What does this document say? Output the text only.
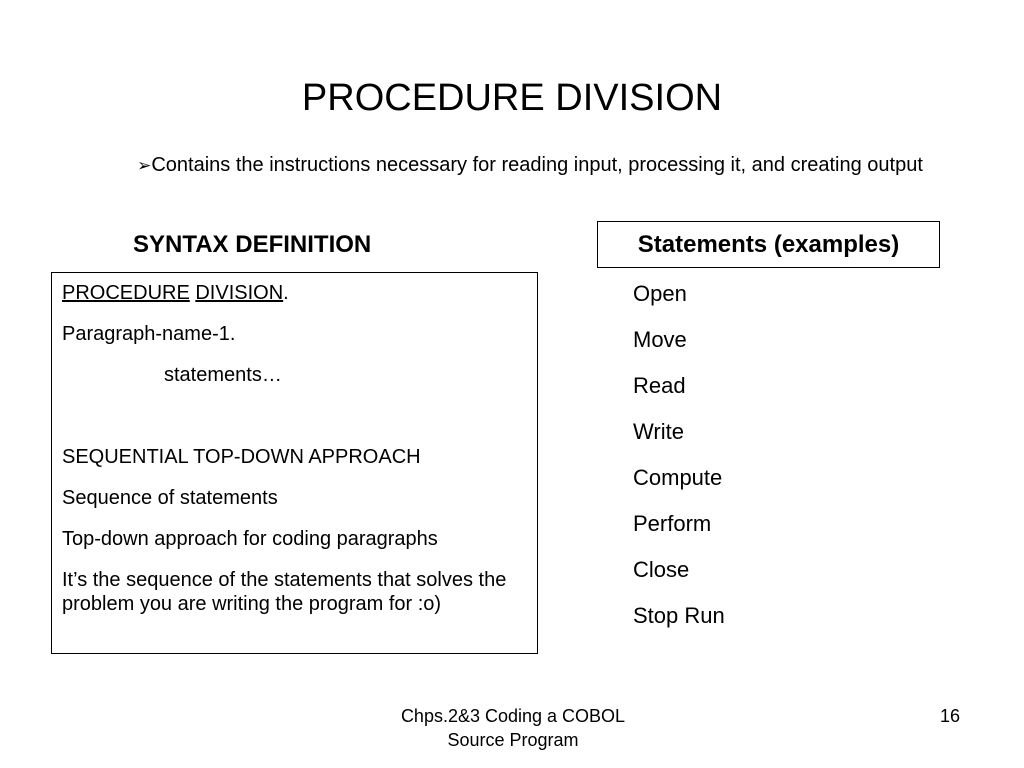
PROCEDURE DIVISION
➢Contains the instructions necessary for reading input, processing it, and creating output
SYNTAX DEFINITION

PROCEDURE DIVISION.

Paragraph-name-1.

statements…

SEQUENTIAL TOP-DOWN APPROACH

Sequence of statements

Top-down approach for coding paragraphs

It’s the sequence of the statements that solves the problem you are writing the program for :o)

Statements (examples)
Open
Move
Read
Write
Compute
Perform
Close
Stop Run
Chps.2&3 Coding a COBOL
Source Program
16
